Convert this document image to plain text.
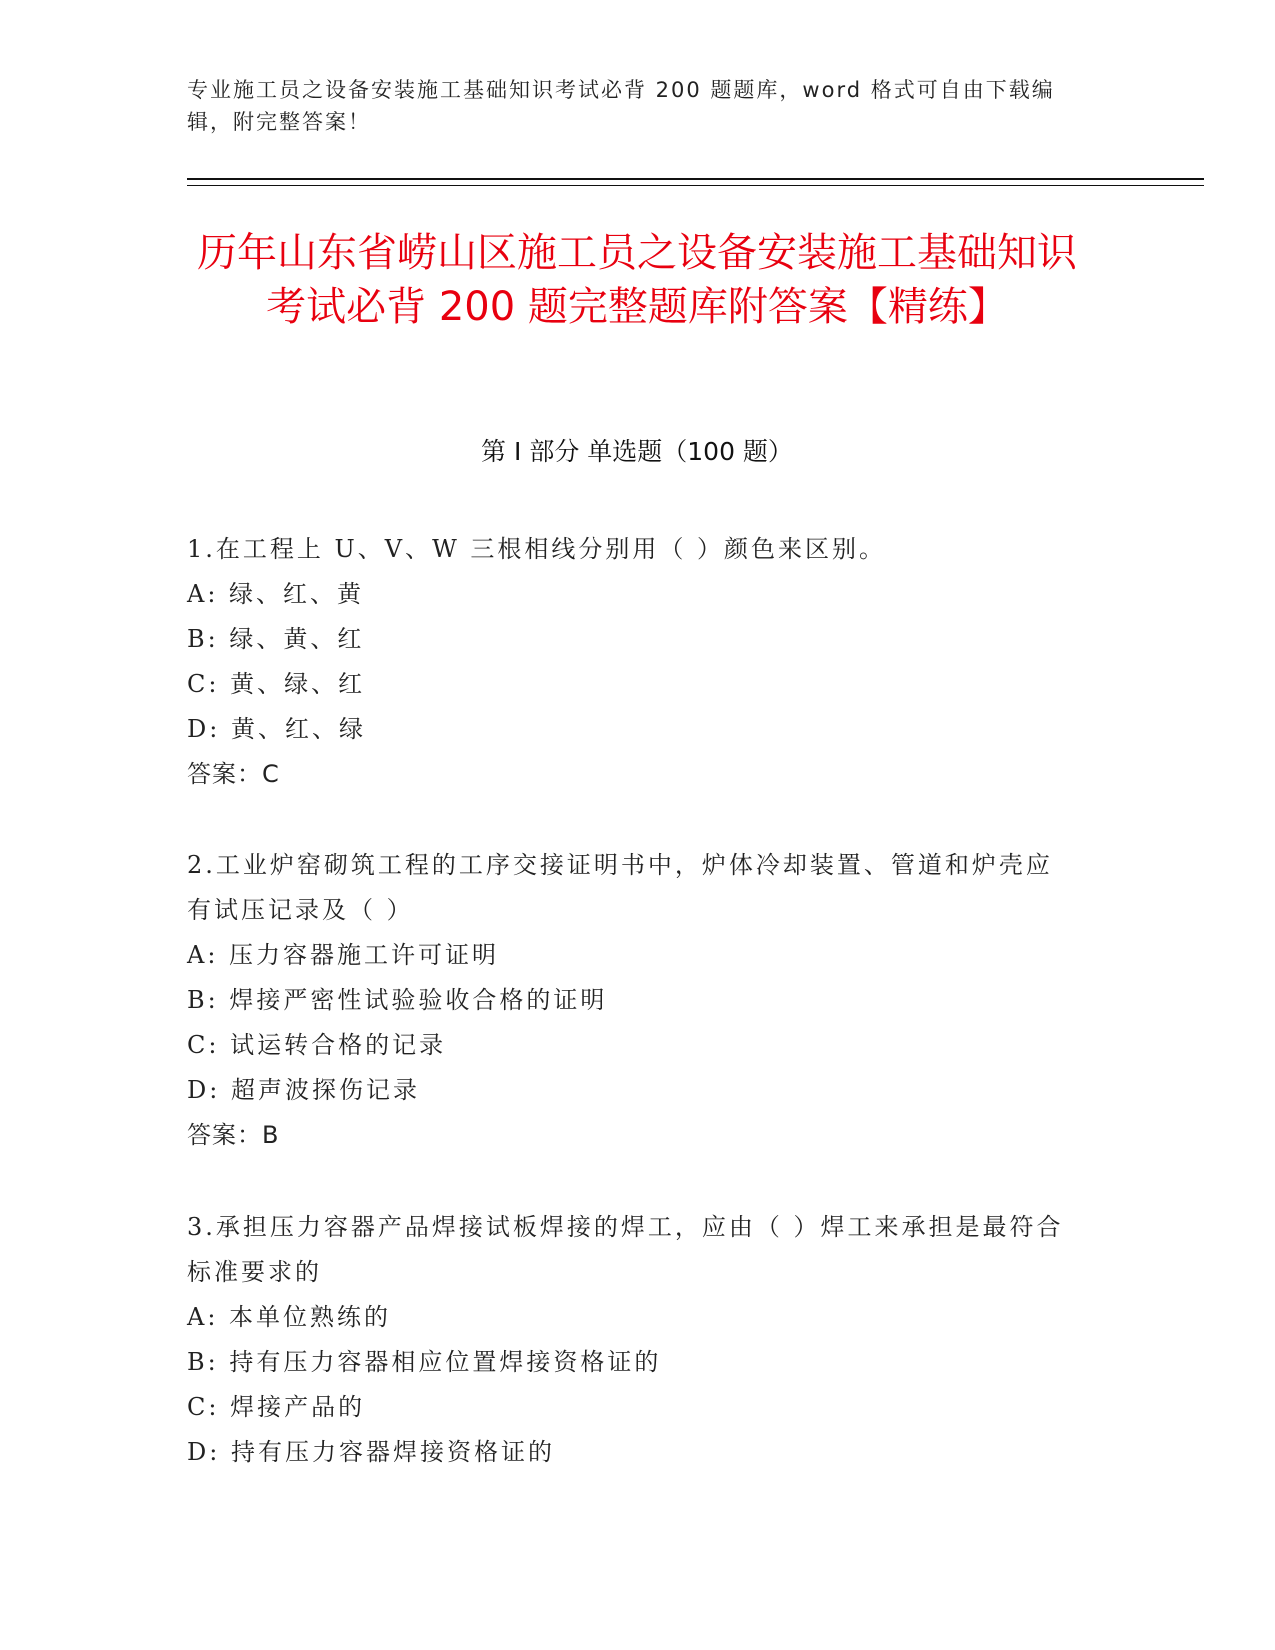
专业施工员之设备安装施工基础知识考试必背 200 题题库，word 格式可自由下载编辑，附完整答案！
历年山东省崂山区施工员之设备安装施工基础知识考试必背 200 题完整题库附答案【精练】
第 I 部分 单选题（100 题）
1.在工程上 U、V、W 三根相线分别用（ ）颜色来区别。
A: 绿、红、黄
B: 绿、黄、红
C: 黄、绿、红
D: 黄、红、绿
答案：C
2.工业炉窑砌筑工程的工序交接证明书中，炉体冷却装置、管道和炉壳应有试压记录及（ ）
A: 压力容器施工许可证明
B: 焊接严密性试验验收合格的证明
C: 试运转合格的记录
D: 超声波探伤记录
答案：B
3.承担压力容器产品焊接试板焊接的焊工，应由（ ）焊工来承担是最符合标准要求的
A: 本单位熟练的
B: 持有压力容器相应位置焊接资格证的
C: 焊接产品的
D: 持有压力容器焊接资格证的
